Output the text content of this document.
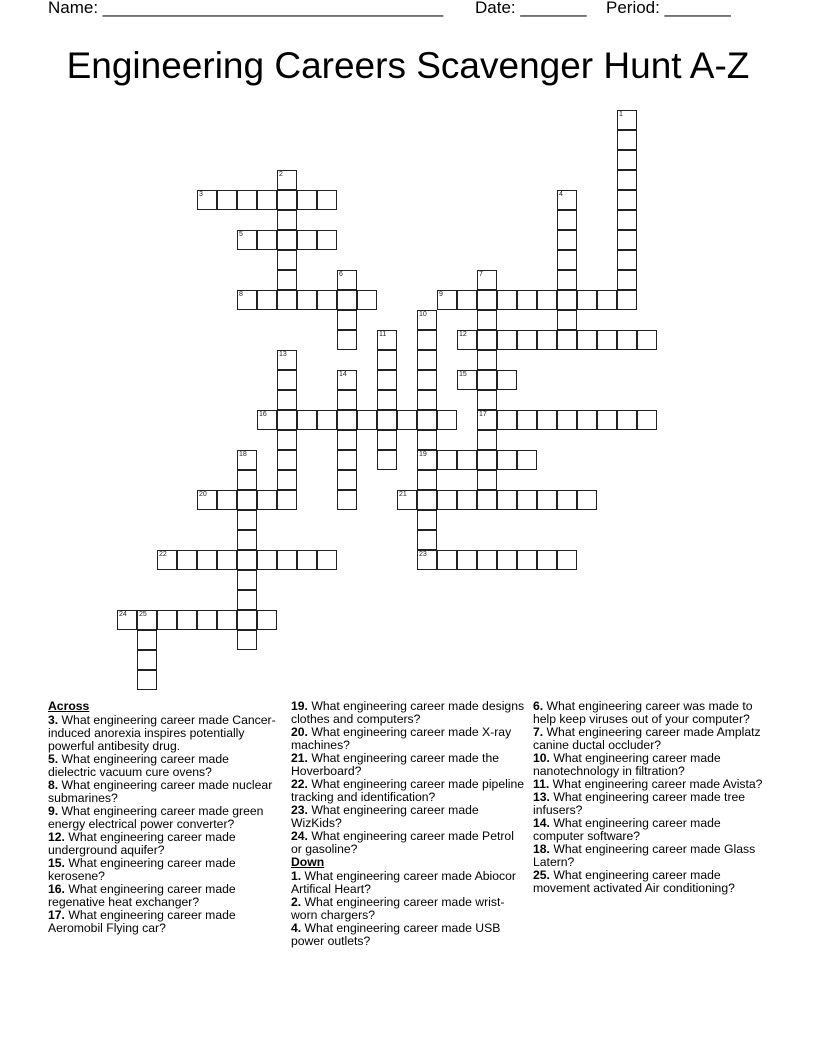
Name: ____________________________________ Date: _______ Period: _______
Engineering Careers Scavenger Hunt A-Z
1
2
3	4
5
6	7
17
8	9
10
19
23
11	12
13
14	15
16
18
20	21
22
24 25
Across
3. What engineering career made Cancer-induced anorexia inspires potentially powerful antibesity drug.
5. What engineering career made dielectric vacuum cure ovens?
8. What engineering career made nuclear submarines?
9. What engineering career made green energy electrical power converter?
12. What engineering career made underground aquifer?
15. What engineering career made kerosene?
16. What engineering career made regenative heat exchanger?
17. What engineering career made Aeromobil Flying car?
19. What engineering career made designs clothes and computers?
20. What engineering career made X-ray machines?
21. What engineering career made the Hoverboard?
22. What engineering career made pipeline tracking and identification?
23. What engineering career made WizKids?
24. What engineering career made Petrol or gasoline?
Down
1. What engineering career made Abiocor Artifical Heart?
2. What engineering career made wrist-worn chargers?
4. What engineering career made USB power outlets?
6. What engineering career was made to help keep viruses out of your computer?
7. What engineering career made Amplatz canine ductal occluder?
10. What engineering career made nanotechnology in filtration?
11. What engineering career made Avista?
13. What engineering career made tree infusers?
14. What engineering career made computer software?
18. What engineering career made Glass Latern?
25. What engineering career made movement activated Air conditioning?
